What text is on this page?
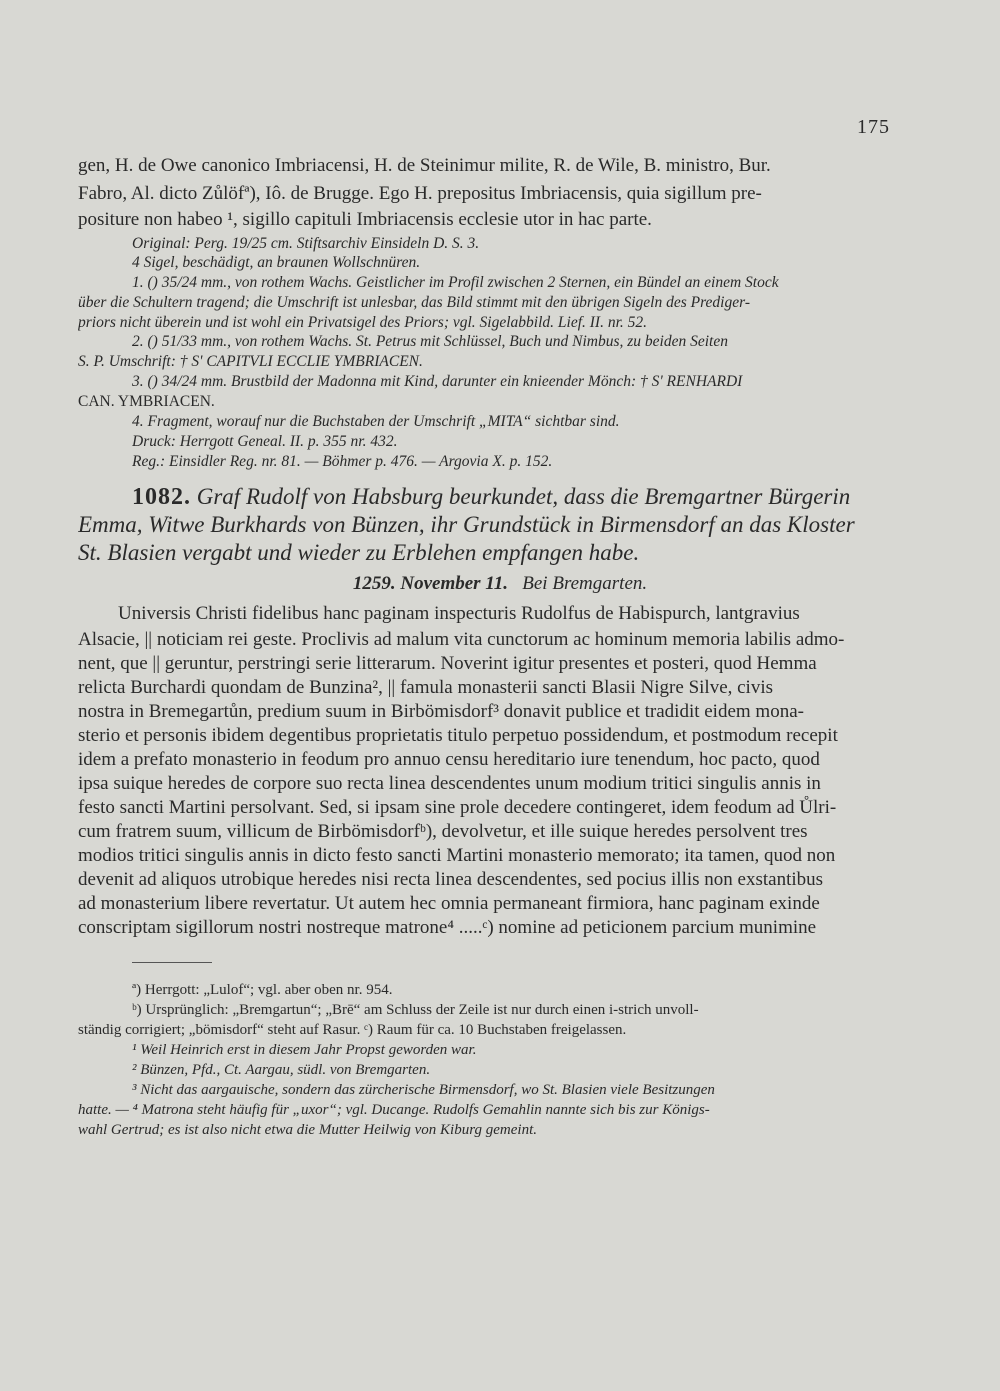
175
gen, H. de Owe canonico Imbriacensi, H. de Steinimur milite, R. de Wile, B. ministro, Bur.
Fabro, Al. dicto Zůlöfª), Iô. de Brugge. Ego H. prepositus Imbriacensis, quia sigillum pre-
positure non habeo ¹, sigillo capituli Imbriacensis ecclesie utor in hac parte.
Original: Perg. 19/25 cm. Stiftsarchiv Einsideln D. S. 3.
4 Sigel, beschädigt, an braunen Wollschnüren.
1. () 35/24 mm., von rothem Wachs. Geistlicher im Profil zwischen 2 Sternen, ein Bündel an einem Stock
über die Schultern tragend; die Umschrift ist unlesbar, das Bild stimmt mit den übrigen Sigeln des Prediger-
priors nicht überein und ist wohl ein Privatsigel des Priors; vgl. Sigelabbild. Lief. II. nr. 52.
2. () 51/33 mm., von rothem Wachs. St. Petrus mit Schlüssel, Buch und Nimbus, zu beiden Seiten
S. P. Umschrift: † S' CAPITVLI ECCLIE YMBRIACEN.
3. () 34/24 mm. Brustbild der Madonna mit Kind, darunter ein knieender Mönch: † S' RENHARDI
CAN. YMBRIACEN.
4. Fragment, worauf nur die Buchstaben der Umschrift „MITA“ sichtbar sind.
Druck: Herrgott Geneal. II. p. 355 nr. 432.
Reg.: Einsidler Reg. nr. 81. — Böhmer p. 476. — Argovia X. p. 152.
1082. Graf Rudolf von Habsburg beurkundet, dass die Bremgartner Bürgerin
Emma, Witwe Burkhards von Bünzen, ihr Grundstück in Birmensdorf an das Kloster
St. Blasien vergabt und wieder zu Erblehen empfangen habe.
1259. November 11. Bei Bremgarten.
Universis Christi fidelibus hanc paginam inspecturis Rudolfus de Habispurch, lantgravius
Alsacie, || noticiam rei geste. Proclivis ad malum vita cunctorum ac hominum memoria labilis admo-
nent, que || geruntur, perstringi serie litterarum. Noverint igitur presentes et posteri, quod Hemma
relicta Burchardi quondam de Bunzina², || famula monasterii sancti Blasii Nigre Silve, civis
nostra in Bremegartůn, predium suum in Birbömisdorf³ donavit publice et tradidit eidem mona-
sterio et personis ibidem degentibus proprietatis titulo perpetuo possidendum, et postmodum recepit
idem a prefato monasterio in feodum pro annuo censu hereditario iure tenendum, hoc pacto, quod
ipsa suique heredes de corpore suo recta linea descendentes unum modium tritici singulis annis in
festo sancti Martini persolvant. Sed, si ipsam sine prole decedere contingeret, idem feodum ad Ůlri-
cum fratrem suum, villicum de Birbömisdorfᵇ), devolvetur, et ille suique heredes persolvent tres
modios tritici singulis annis in dicto festo sancti Martini monasterio memorato; ita tamen, quod non
devenit ad aliquos utrobique heredes nisi recta linea descendentes, sed pocius illis non exstantibus
ad monasterium libere revertatur. Ut autem hec omnia permaneant firmiora, hanc paginam exinde
conscriptam sigillorum nostri nostreque matrone⁴ .....ᶜ) nomine ad peticionem parcium munimine
ª) Herrgott: „Lulof“; vgl. aber oben nr. 954.
ᵇ) Ursprünglich: „Bremgartun“; „Brē“ am Schluss der Zeile ist nur durch einen i-strich unvoll-
ständig corrigiert; „bömisdorf“ steht auf Rasur. ᶜ) Raum für ca. 10 Buchstaben freigelassen.
¹ Weil Heinrich erst in diesem Jahr Propst geworden war.
² Bünzen, Pfd., Ct. Aargau, südl. von Bremgarten.
³ Nicht das aargauische, sondern das zürcherische Birmensdorf, wo St. Blasien viele Besitzungen
hatte. — ⁴ Matrona steht häufig für „uxor“; vgl. Ducange. Rudolfs Gemahlin nannte sich bis zur Königs-
wahl Gertrud; es ist also nicht etwa die Mutter Heilwig von Kiburg gemeint.
